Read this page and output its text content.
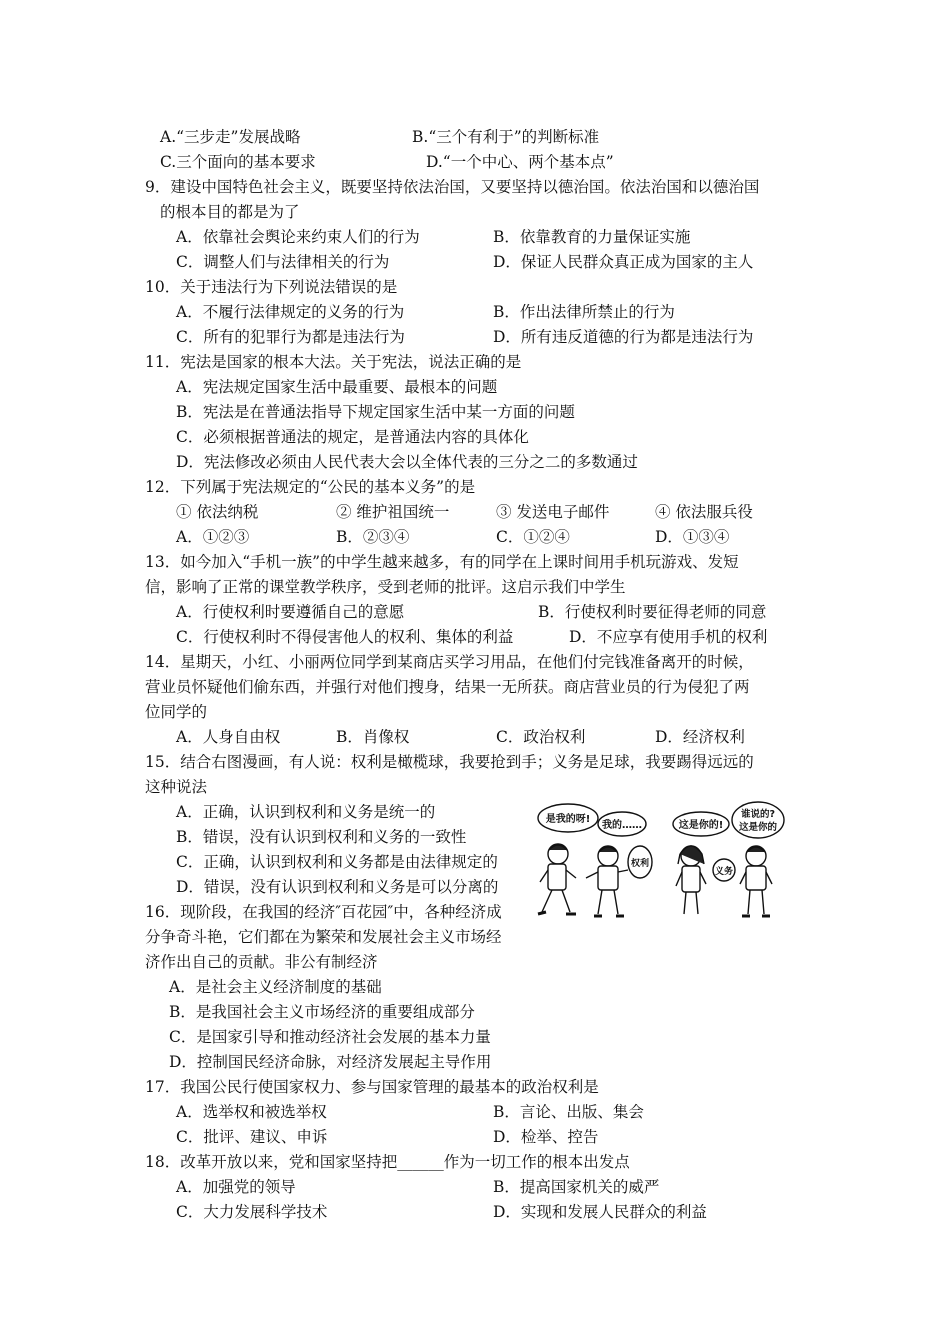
A.“三步走”发展战略	B.“三个有利于”的判断标准
C.三个面向的基本要求	D.“一个中心、两个基本点”
9．建设中国特色社会主义，既要坚持依法治国，又要坚持以德治国。依法治国和以德治国
的根本目的都是为了
A．依靠社会舆论来约束人们的行为	B．依靠教育的力量保证实施
C．调整人们与法律相关的行为	D．保证人民群众真正成为国家的主人
10．关于违法行为下列说法错误的是
A．不履行法律规定的义务的行为	B．作出法律所禁止的行为
C．所有的犯罪行为都是违法行为	D．所有违反道德的行为都是违法行为
11．宪法是国家的根本大法。关于宪法，说法正确的是
A．宪法规定国家生活中最重要、最根本的问题
B．宪法是在普通法指导下规定国家生活中某一方面的问题
C．必须根据普通法的规定，是普通法内容的具体化
D．宪法修改必须由人民代表大会以全体代表的三分之二的多数通过
12．下列属于宪法规定的“公民的基本义务”的是
① 依法纳税	② 维护祖国统一	③ 发送电子邮件	④ 依法服兵役
A．①②③	B．②③④	C．①②④	D．①③④
13．如今加入“手机一族”的中学生越来越多，有的同学在上课时间用手机玩游戏、发短
信，影响了正常的课堂教学秩序，受到老师的批评。这启示我们中学生
A．行使权利时要遵循自己的意愿	B．行使权利时要征得老师的同意
C．行使权利时不得侵害他人的权利、集体的利益	D．不应享有使用手机的权利
14．星期天，小红、小丽两位同学到某商店买学习用品，在他们付完钱准备离开的时候，
营业员怀疑他们偷东西，并强行对他们搜身，结果一无所获。商店营业员的行为侵犯了两
位同学的
A．人身自由权	B．肖像权	C．政治权利	D．经济权利
15．结合右图漫画，有人说：权利是橄榄球，我要抢到手；义务是足球，我要踢得远远的
这种说法
A．正确，认识到权利和义务是统一的
B．错误，没有认识到权利和义务的一致性
C．正确，认识到权利和义务都是由法律规定的
D．错误，没有认识到权利和义务是可以分离的
是我的呀!
我的……	这是你的!
谁说的?
这是你的
权利
义务
16．现阶段，在我国的经济″百花园″中，各种经济成
分争奇斗艳，它们都在为繁荣和发展社会主义市场经
济作出自己的贡献。非公有制经济
A．是社会主义经济制度的基础
B．是我国社会主义市场经济的重要组成部分
C．是国家引导和推动经济社会发展的基本力量
D．控制国民经济命脉，对经济发展起主导作用
17．我国公民行使国家权力、参与国家管理的最基本的政治权利是
A．选举权和被选举权	B．言论、出版、集会
C．批评、建议、申诉	D．检举、控告
18．改革开放以来，党和国家坚持把______作为一切工作的根本出发点
A．加强党的领导	B．提高国家机关的威严
C．大力发展科学技术	D．实现和发展人民群众的利益
